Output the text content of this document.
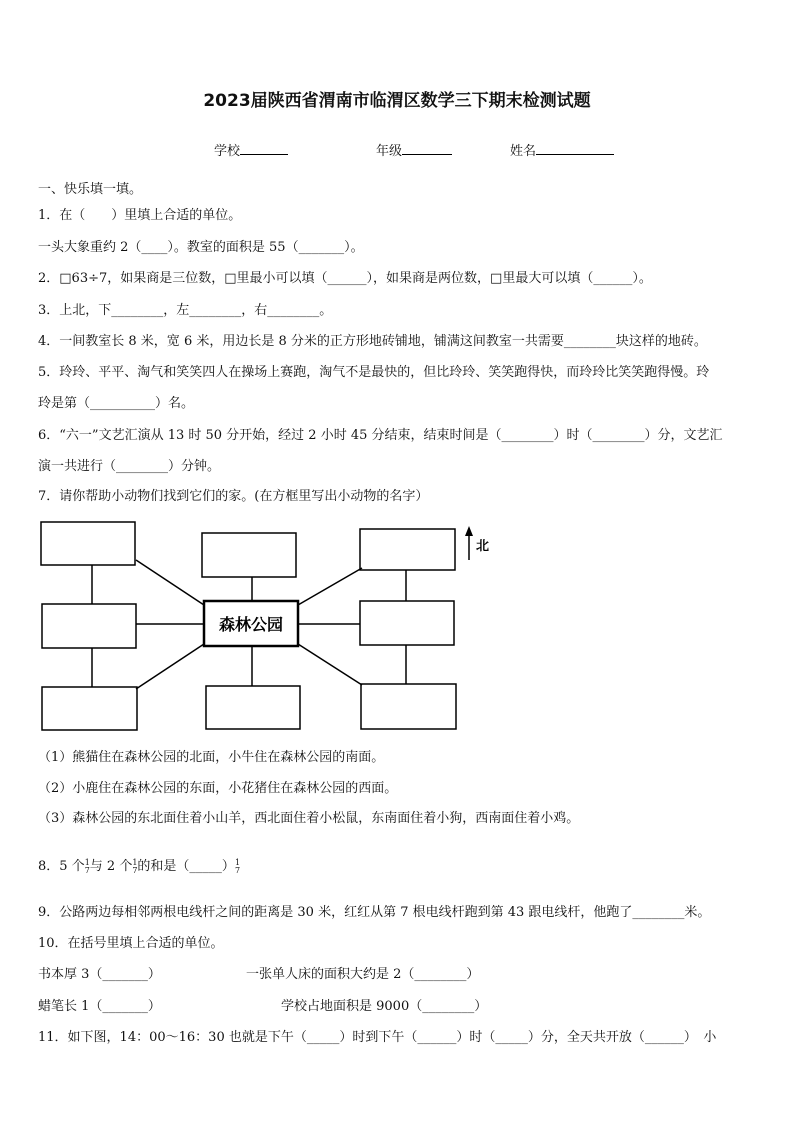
2023届陕西省渭南市临渭区数学三下期末检测试题
学校	年级	姓名
一、快乐填一填。
1．在（　　）里填上合适的单位。
一头大象重约 2（____）。教室的面积是 55（_______）。
2．□63÷7，如果商是三位数，□里最小可以填（______），如果商是两位数，□里最大可以填（______）。
3．上北，下________，左________，右________。
4．一间教室长 8 米，宽 6 米，用边长是 8 分米的正方形地砖铺地，铺满这间教室一共需要________块这样的地砖。
5．玲玲、平平、淘气和笑笑四人在操场上赛跑，淘气不是最快的，但比玲玲、笑笑跑得快，而玲玲比笑笑跑得慢。玲
玲是第（__________）名。
6．“六一”文艺汇演从 13 时 50 分开始，经过 2 小时 45 分结束，结束时间是（________）时（________）分，文艺汇
演一共进行（________）分钟。
7．请你帮助小动物们找到它们的家。(在方框里写出小动物的名字）
森林公园
北
（1）熊猫住在森林公园的北面，小牛住在森林公园的南面。
（2）小鹿住在森林公园的东面，小花猪住在森林公园的西面。
（3）森林公园的东北面住着小山羊，西北面住着小松鼠，东南面住着小狗，西南面住着小鸡。
8．5 个 1
7 与 2 个 1
7 的和是（_____） 1
7
9．公路两边每相邻两根电线杆之间的距离是 30 米，红红从第 7 根电线杆跑到第 43 跟电线杆，他跑了________米。
10．在括号里填上合适的单位。
书本厚 3（_______）	一张单人床的面积大约是 2（________）
蜡笔长 1（_______）	学校占地面积是 9000（________）
11．如下图，14：00～16：30 也就是下午（_____）时到下午（______）时（_____）分，全天共开放（______）　小
